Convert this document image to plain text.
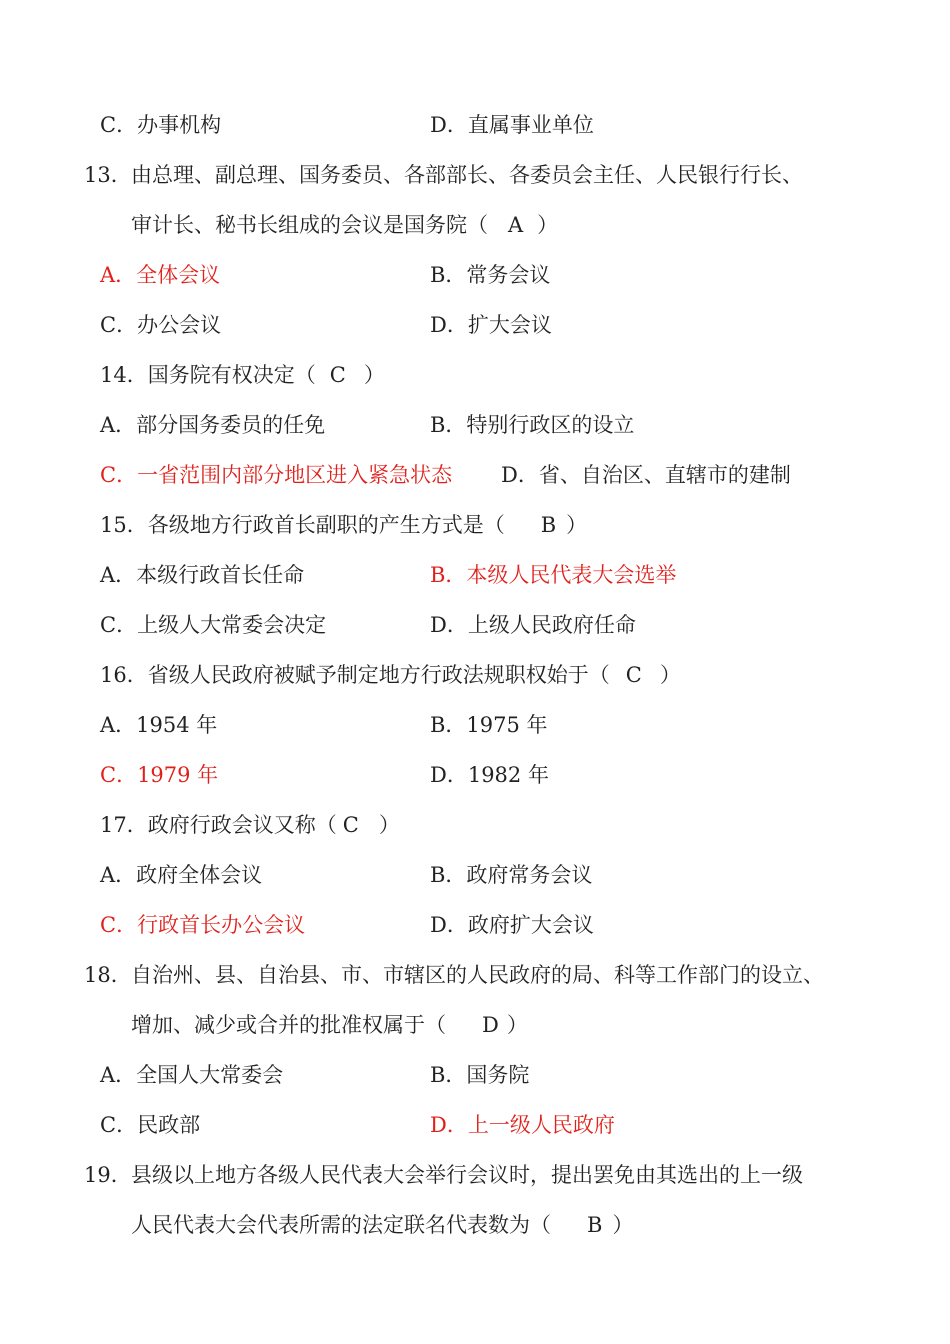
C．办事机构	D．直属事业单位
13． 由总理、副总理、国务委员、各部部长、各委员会主任、人民银行行长、
审计长、秘书长组成的会议是国务院（ A ）
A．全体会议	B．常务会议
C．办公会议	D．扩大会议
14．国务院有权决定（ C ）
A．部分国务委员的任免	B．特别行政区的设立
C．一省范围内部分地区进入紧急状态 D．省、自治区、直辖市的建制
15．各级地方行政首长副职的产生方式是（ B ）
A．本级行政首长任命	B．本级人民代表大会选举
C．上级人大常委会决定	D．上级人民政府任命
16．省级人民政府被赋予制定地方行政法规职权始于（ C ）
A．1954 年	B．1975 年
C．1979 年	D．1982 年
17．政府行政会议又称（ C ）
A．政府全体会议	B．政府常务会议
C．行政首长办公会议	D．政府扩大会议
18． 自治州、县、自治县、市、市辖区的人民政府的局、科等工作部门的设立、
增加、减少或合并的批准权属于（ D ）
A．全国人大常委会	B．国务院
C．民政部	D．上一级人民政府
19． 县级以上地方各级人民代表大会举行会议时，提出罢免由其选出的上一级
人民代表大会代表所需的法定联名代表数为（ B ）
